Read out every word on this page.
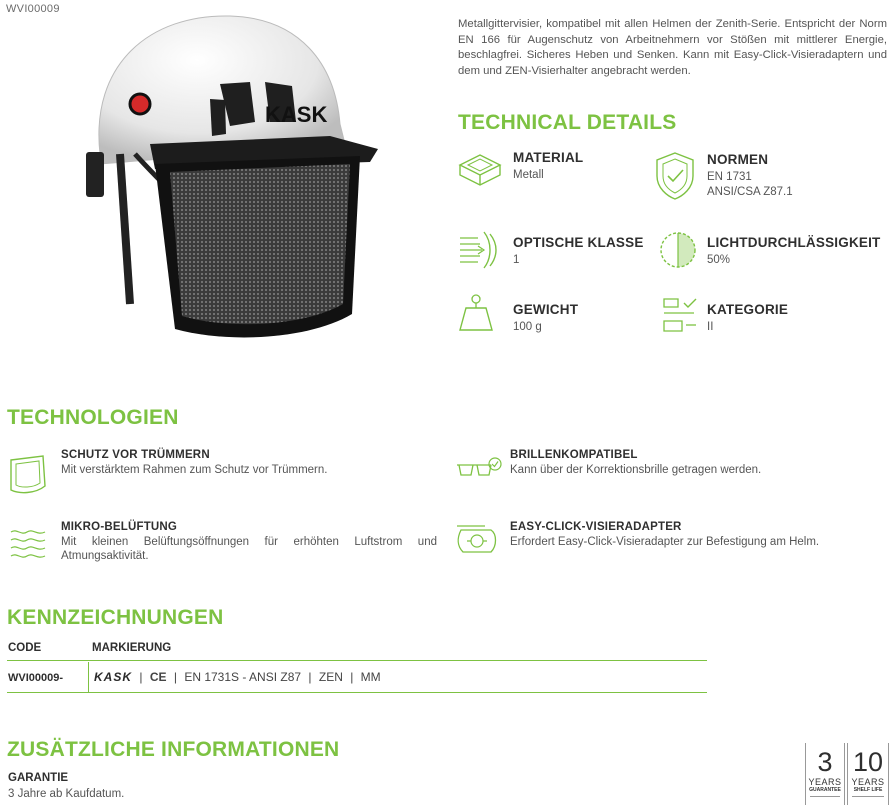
WVI00009
KASK
Metallgittervisier, kompatibel mit allen Helmen der Zenith-Serie. Entspricht der Norm EN 166 für Augenschutz von Arbeitnehmern vor Stößen mit mittlerer Energie, beschlagfrei. Sicheres Heben und Senken. Kann mit Easy-Click-Visieradaptern und dem und ZEN-Visierhalter angebracht werden.
TECHNICAL DETAILS
MATERIAL
Metall
NORMEN
EN 1731
ANSI/CSA Z87.1
OPTISCHE KLASSE
1
LICHTDURCHLÄSSIGKEIT
50%
GEWICHT
100 g
KATEGORIE
II
TECHNOLOGIEN
SCHUTZ VOR TRÜMMERN
Mit verstärktem Rahmen zum Schutz vor Trümmern.
BRILLENKOMPATIBEL
Kann über der Korrektionsbrille getragen werden.
MIKRO-BELÜFTUNG
Mit kleinen Belüftungsöffnungen für erhöhten Luftstrom und Atmungsaktivität.
EASY-CLICK-VISIERADAPTER
Erfordert Easy-Click-Visieradapter zur Befestigung am Helm.
KENNZEICHNUNGEN
CODE	MARKIERUNG
WVI00009-	KASK | CE | EN 1731S - ANSI Z87 | ZEN | MM
ZUSÄTZLICHE INFORMATIONEN
GARANTIE
3 Jahre ab Kaufdatum.
3
YEARS
GUARANTEE
10
YEARS
SHELF LIFE
